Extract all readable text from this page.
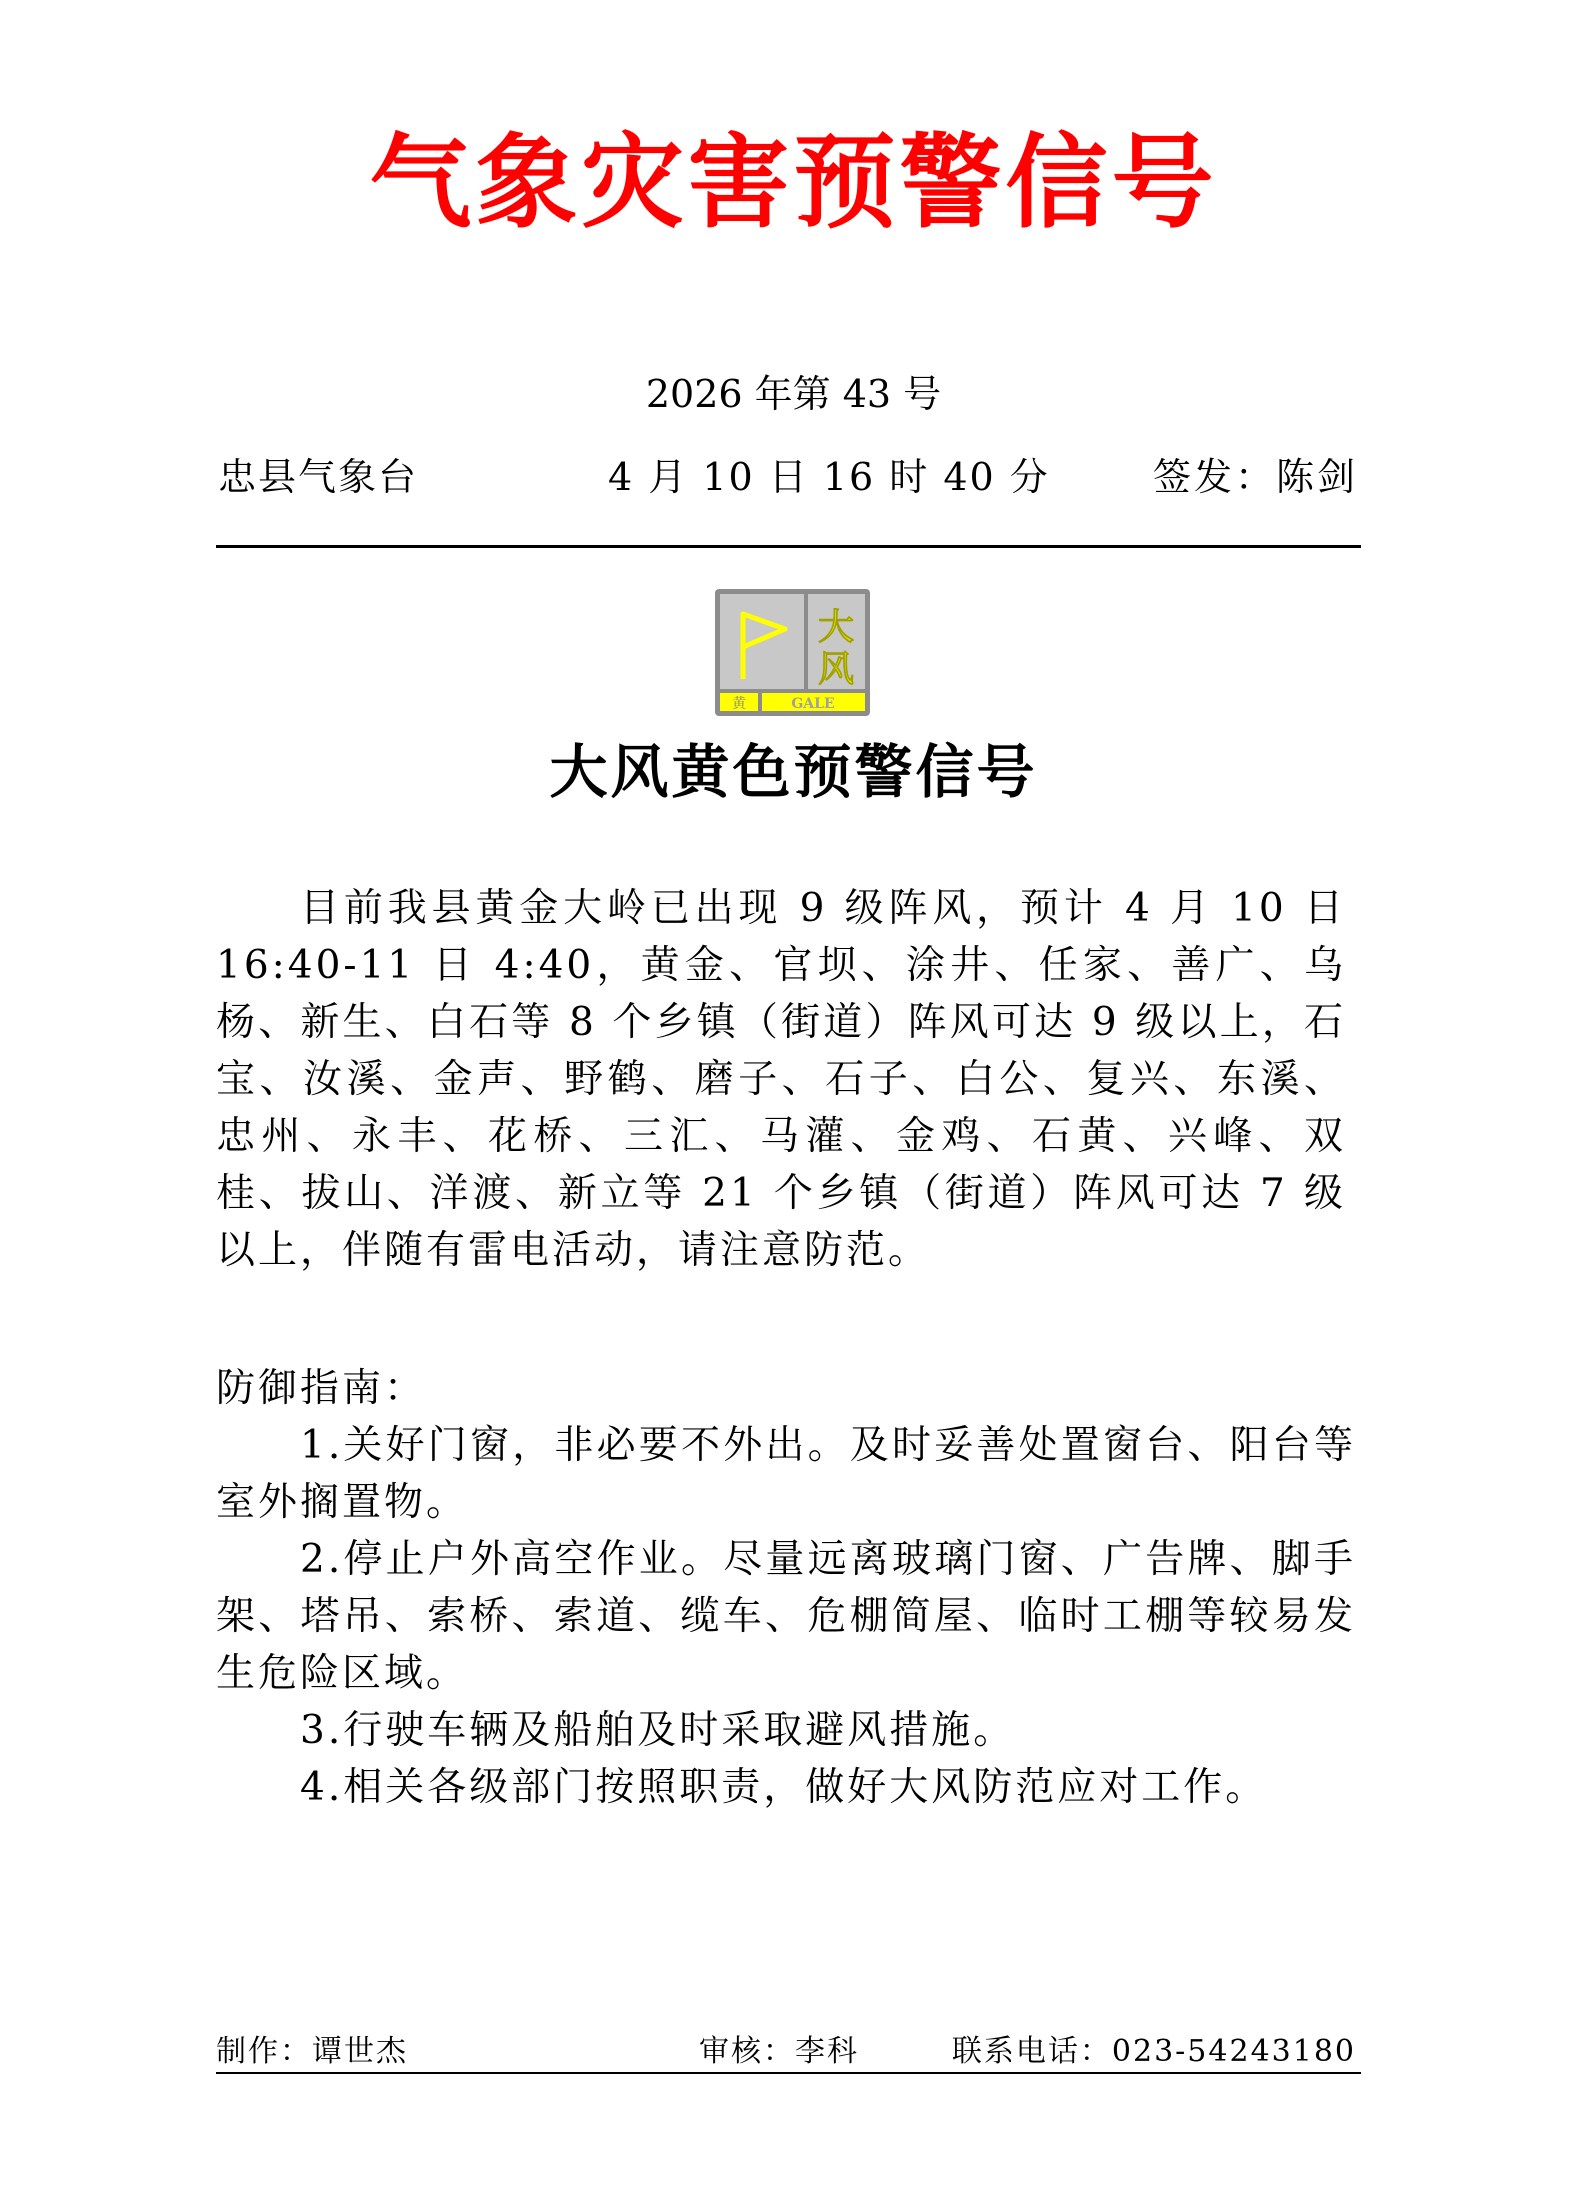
气象灾害预警信号
2026 年第 43 号
忠县气象台	4 月 10 日 16 时 40 分	签发：陈剑
大
风
黄	GALE
大风黄色预警信号
目前我县黄金大岭已出现 9 级阵风，预计 4 月 10 日 16:40-11 日 4:40，黄金、官坝、涂井、任家、善广、乌杨、新生、白石等 8 个乡镇（街道）阵风可达 9 级以上，石宝、汝溪、金声、野鹤、磨子、石子、白公、复兴、东溪、忠州、永丰、花桥、三汇、马灌、金鸡、石黄、兴峰、双桂、拔山、洋渡、新立等 21 个乡镇（街道）阵风可达 7 级以上，伴随有雷电活动，请注意防范。
防御指南：

1.关好门窗，非必要不外出。及时妥善处置窗台、阳台等室外搁置物。

2.停止户外高空作业。尽量远离玻璃门窗、广告牌、脚手架、塔吊、索桥、索道、缆车、危棚简屋、临时工棚等较易发生危险区域。

3.行驶车辆及船舶及时采取避风措施。

4.相关各级部门按照职责，做好大风防范应对工作。

制作：谭世杰	审核：李科	联系电话：023-54243180
